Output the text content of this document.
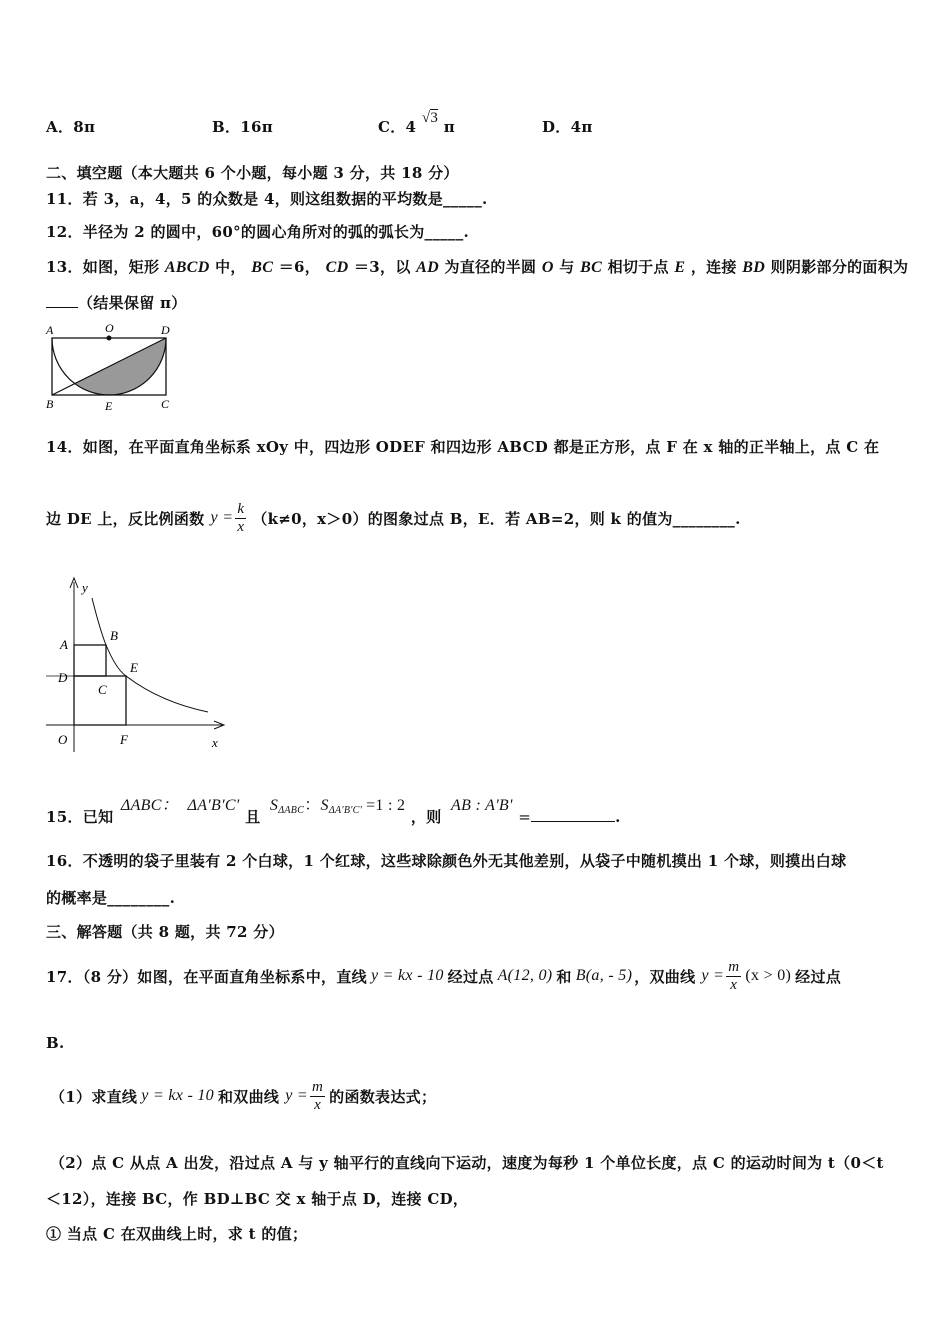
A．8π	B．16π	C．4 √3 π	D．4π
二、填空题（本大题共 6 个小题，每小题 3 分，共 18 分）
11．若 3，a，4，5 的众数是 4，则这组数据的平均数是_____.
12．半径为 2 的圆中，60°的圆心角所对的弧的弧长为_____.
13．如图，矩形 ABCD 中， BC ＝6， CD ＝3，以 AD 为直径的半圆 O 与 BC 相切于点 E ，连接 BD 则阴影部分的面积为
（结果保留 π）
A	O	D
B	E	C
14．如图，在平面直角坐标系 xOy 中，四边形 ODEF 和四边形 ABCD 都是正方形，点 F 在 x 轴的正半轴上，点 C 在
边 DE 上，反比例函数 $y = \frac{k}{x} (k\ne 0$，x＞0）的图象过点 B，E．若 AB=2，则 k 的值为________.
y
A
B
D
C
E
O	F	x
15．已知 ΔABC： ΔA'B'C' 且 $S_{\Delta ABC}$：$S_{\Delta A'B'C'} =1$ : 2 ，则 AB : A'B' =	.
16．不透明的袋子里装有 2 个白球，1 个红球，这些球除颜色外无其他差别，从袋子中随机摸出 1 个球，则摸出白球
的概率是________.
三、解答题（共 8 题，共 72 分）
17．（8 分）如图，在平面直角坐标系中，直线 y = kx - 10 经过点 A(12, 0) 和 B(a, - 5) ，双曲线 $y = \frac{m}{x} (x > 0)$ 经过点
B.
（1）求直线 y = kx - 10 和双曲线 $y = \frac{m}{x}$ 的函数表达式；
（2）点 C 从点 A 出发，沿过点 A 与 y 轴平行的直线向下运动，速度为每秒 1 个单位长度，点 C 的运动时间为 t（0＜t
＜12），连接 BC，作 BD⊥BC 交 x 轴于点 D，连接 CD，
① 当点 C 在双曲线上时，求 t 的值；
